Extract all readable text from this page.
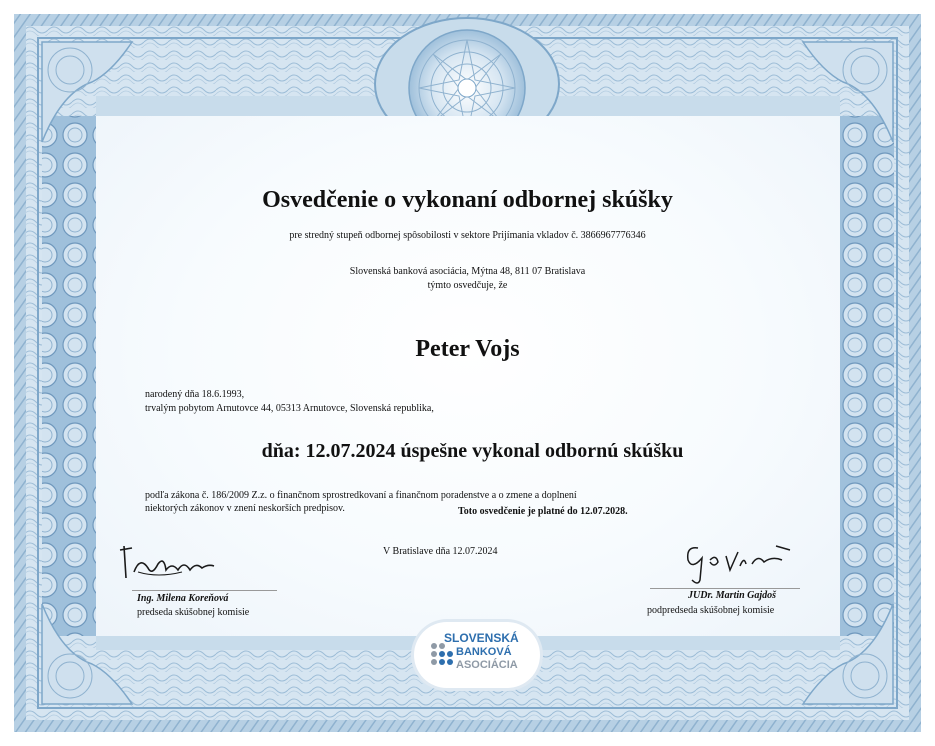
Osvedčenie o vykonaní odbornej skúšky
pre stredný stupeň odbornej spôsobilosti v sektore Prijímania vkladov č. 3866967776346
Slovenská banková asociácia, Mýtna 48, 811 07 Bratislava
týmto osvedčuje, že
Peter Vojs
narodený dňa 18.6.1993,
trvalým pobytom Arnutovce 44, 05313 Arnutovce, Slovenská republika,
dňa: 12.07.2024 úspešne vykonal odbornú skúšku
podľa zákona č. 186/2009 Z.z. o finančnom sprostredkovaní a finančnom poradenstve a o zmene a doplnení
niektorých zákonov v znení neskorších predpisov.	Toto osvedčenie je platné do 12.07.2028.
V Bratislave dňa 12.07.2024
Ing. Milena Koreňová
predseda skúšobnej komisie
JUDr. Martin Gajdoš
podpredseda skúšobnej komisie
SLOVENSKÁ
BANKOVÁ
ASOCIÁCIA
